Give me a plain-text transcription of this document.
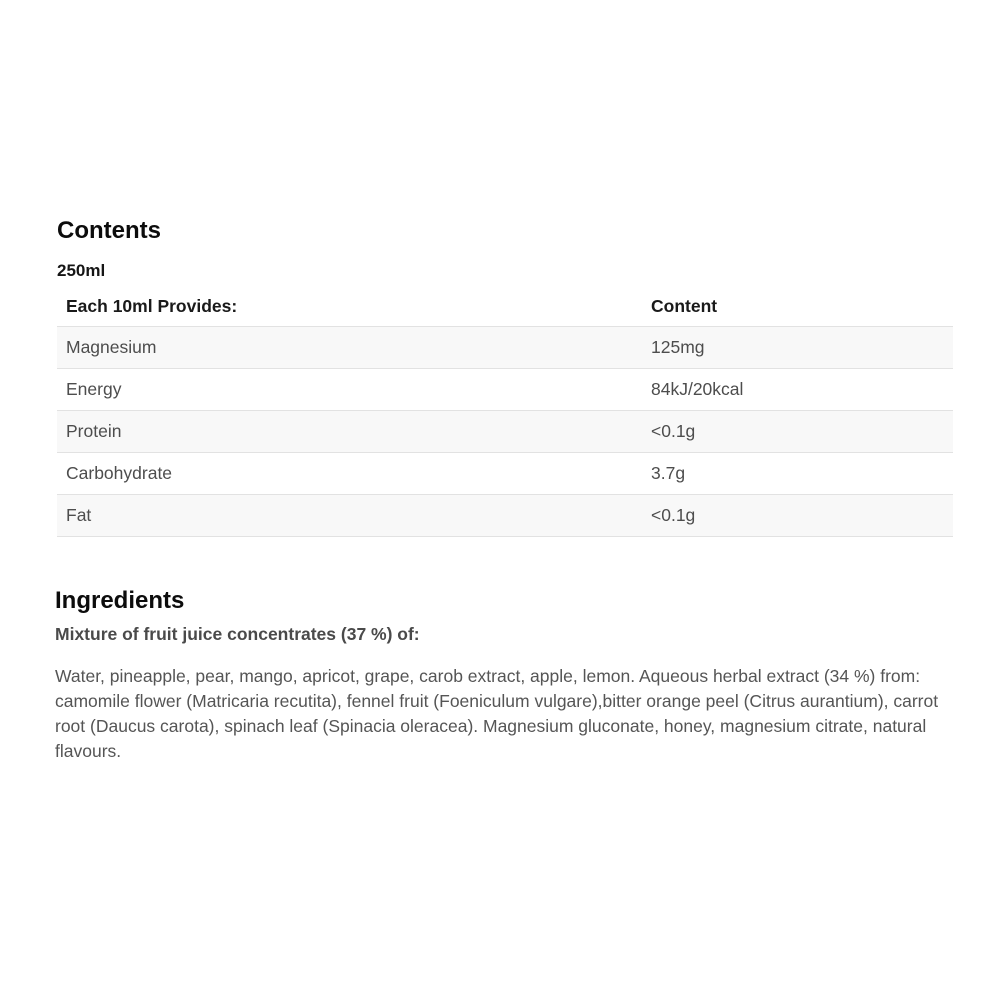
Contents
250ml
Each 10ml Provides:	Content
Magnesium	125mg
Energy	84kJ/20kcal
Protein	<0.1g
Carbohydrate	3.7g
Fat	<0.1g
Ingredients
Mixture of fruit juice concentrates (37 %) of:
Water, pineapple, pear, mango, apricot, grape, carob extract, apple, lemon. Aqueous herbal extract (34 %) from: camomile flower (Matricaria recutita), fennel fruit (Foeniculum vulgare),bitter orange peel (Citrus aurantium), carrot root (Daucus carota), spinach leaf (Spinacia oleracea). Magnesium gluconate, honey, magnesium citrate, natural flavours.
